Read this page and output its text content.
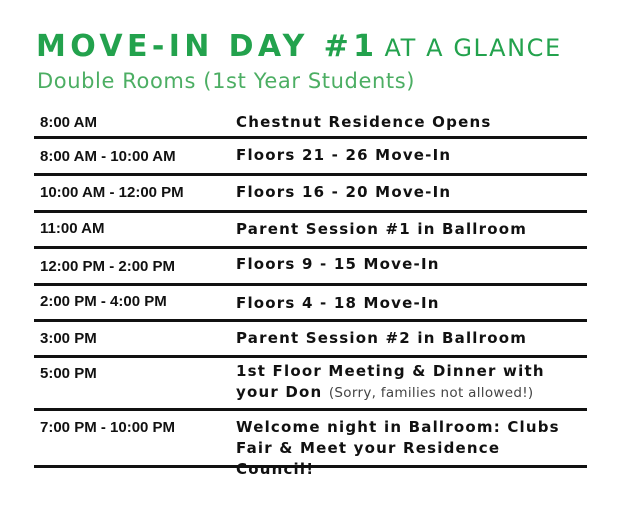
MOVE-IN DAY #1 AT A GLANCE
Double Rooms (1st Year Students)
8:00 AM	Chestnut Residence Opens
8:00 AM - 10:00 AM	Floors 21 - 26 Move-In
10:00 AM - 12:00 PM	Floors 16 - 20 Move-In
11:00 AM	Parent Session #1 in Ballroom
12:00 PM - 2:00 PM	Floors 9 - 15 Move-In
2:00 PM - 4:00 PM	Floors 4 - 18 Move-In
3:00 PM	Parent Session #2 in Ballroom
5:00 PM	1st Floor Meeting & Dinner with your Don (Sorry, families not allowed!)
7:00 PM - 10:00 PM	Welcome night in Ballroom: Clubs Fair & Meet your Residence Council!
